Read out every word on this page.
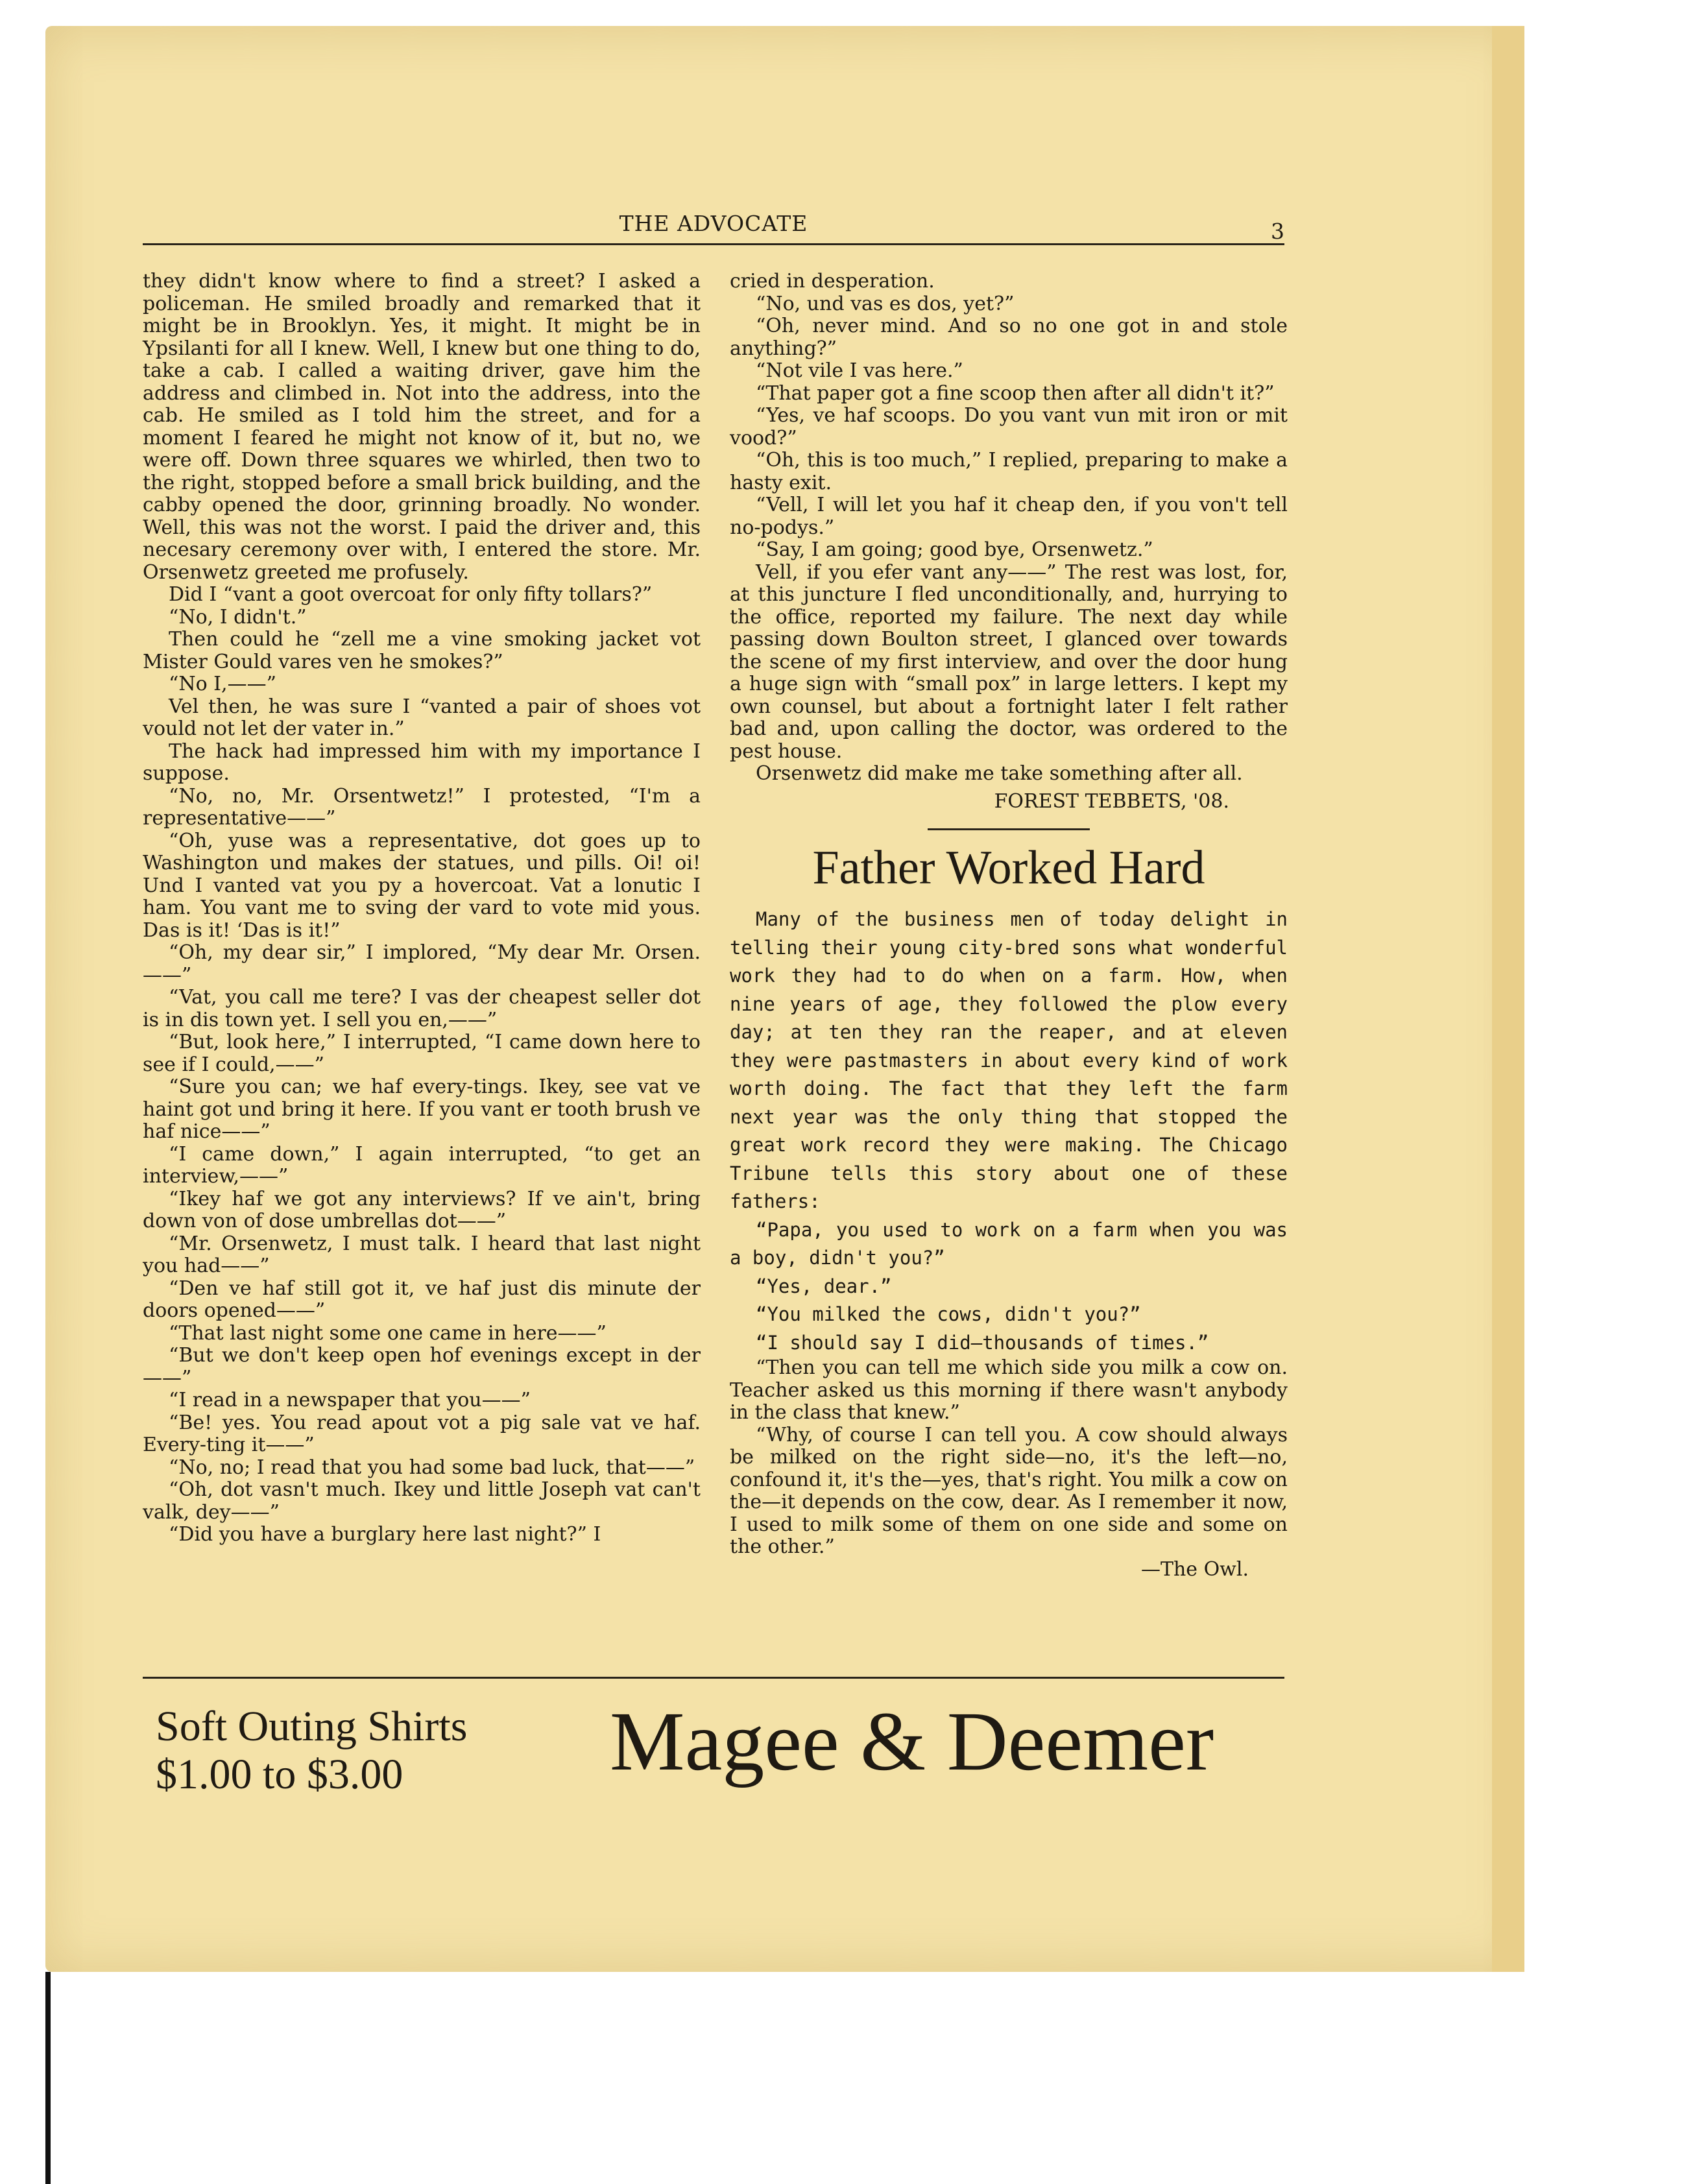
THE ADVOCATE	3

they didn't know where to find a street? I asked a policeman. He smiled broadly and remarked that it might be in Brooklyn. Yes, it might. It might be in Ypsilanti for all I knew. Well, I knew but one thing to do, take a cab. I called a waiting driver, gave him the address and climbed in. Not into the address, into the cab. He smiled as I told him the street, and for a moment I feared he might not know of it, but no, we were off. Down three squares we whirled, then two to the right, stopped before a small brick building, and the cabby opened the door, grinning broadly. No wonder. Well, this was not the worst. I paid the driver and, this necesary ceremony over with, I entered the store. Mr. Orsenwetz greeted me profusely.

Did I “vant a goot overcoat for only fifty tollars?”

“No, I didn't.”

Then could he “zell me a vine smoking jacket vot Mister Gould vares ven he smokes?”

“No I,——”

Vel then, he was sure I “vanted a pair of shoes vot vould not let der vater in.”

The hack had impressed him with my importance I suppose.

“No, no, Mr. Orsentwetz!” I protested, “I'm a representative——”

“Oh, yuse was a representative, dot goes up to Washington und makes der statues, und pills. Oi! oi! Und I vanted vat you py a hovercoat. Vat a lonutic I ham. You vant me to sving der vard to vote mid yous. Das is it! ‘Das is it!”

“Oh, my dear sir,” I implored, “My dear Mr. Orsen.——”

“Vat, you call me tere? I vas der cheapest seller dot is in dis town yet. I sell you en,——”

“But, look here,” I interrupted, “I came down here to see if I could,——”

“Sure you can; we haf every-tings. Ikey, see vat ve haint got und bring it here. If you vant er tooth brush ve haf nice——”

“I came down,” I again interrupted, “to get an interview,——”

“Ikey haf we got any interviews? If ve ain't, bring down von of dose umbrellas dot——”

“Mr. Orsenwetz, I must talk. I heard that last night you had——”

“Den ve haf still got it, ve haf just dis minute der doors opened——”

“That last night some one came in here——”

“But we don't keep open hof evenings except in der——”

“I read in a newspaper that you——”

“Be! yes. You read apout vot a pig sale vat ve haf. Every-ting it——”

“No, no; I read that you had some bad luck, that——”

“Oh, dot vasn't much. Ikey und little Joseph vat can't valk, dey——”

“Did you have a burglary here last night?” I

cried in desperation.

“No, und vas es dos, yet?”

“Oh, never mind. And so no one got in and stole anything?”

“Not vile I vas here.”

“That paper got a fine scoop then after all didn't it?”

“Yes, ve haf scoops. Do you vant vun mit iron or mit vood?”

“Oh, this is too much,” I replied, preparing to make a hasty exit.

“Vell, I will let you haf it cheap den, if you von't tell no-podys.”

“Say, I am going; good bye, Orsenwetz.”

Vell, if you efer vant any——” The rest was lost, for, at this juncture I fled unconditionally, and, hurrying to the office, reported my failure. The next day while passing down Boulton street, I glanced over towards the scene of my first interview, and over the door hung a huge sign with “small pox” in large letters. I kept my own counsel, but about a fortnight later I felt rather bad and, upon calling the doctor, was ordered to the pest house.

Orsenwetz did make me take something after all.

FOREST TEBBETS, '08.

Father Worked Hard

Many of the business men of today delight in telling their young city-bred sons what wonderful work they had to do when on a farm. How, when nine years of age, they followed the plow every day; at ten they ran the reaper, and at eleven they were pastmasters in about every kind of work worth doing. The fact that they left the farm next year was the only thing that stopped the great work record they were making. The Chicago Tribune tells this story about one of these fathers:

“Papa, you used to work on a farm when you was a boy, didn't you?”

“Yes, dear.”

“You milked the cows, didn't you?”

“I should say I did—thousands of times.”

“Then you can tell me which side you milk a cow on. Teacher asked us this morning if there wasn't anybody in the class that knew.”

“Why, of course I can tell you. A cow should always be milked on the right side—no, it's the left—no, confound it, it's the—yes, that's right. You milk a cow on the—it depends on the cow, dear. As I remember it now, I used to milk some of them on one side and some on the other.”

—The Owl.

Soft Outing Shirts
$1.00 to $3.00	Magee & Deemer
